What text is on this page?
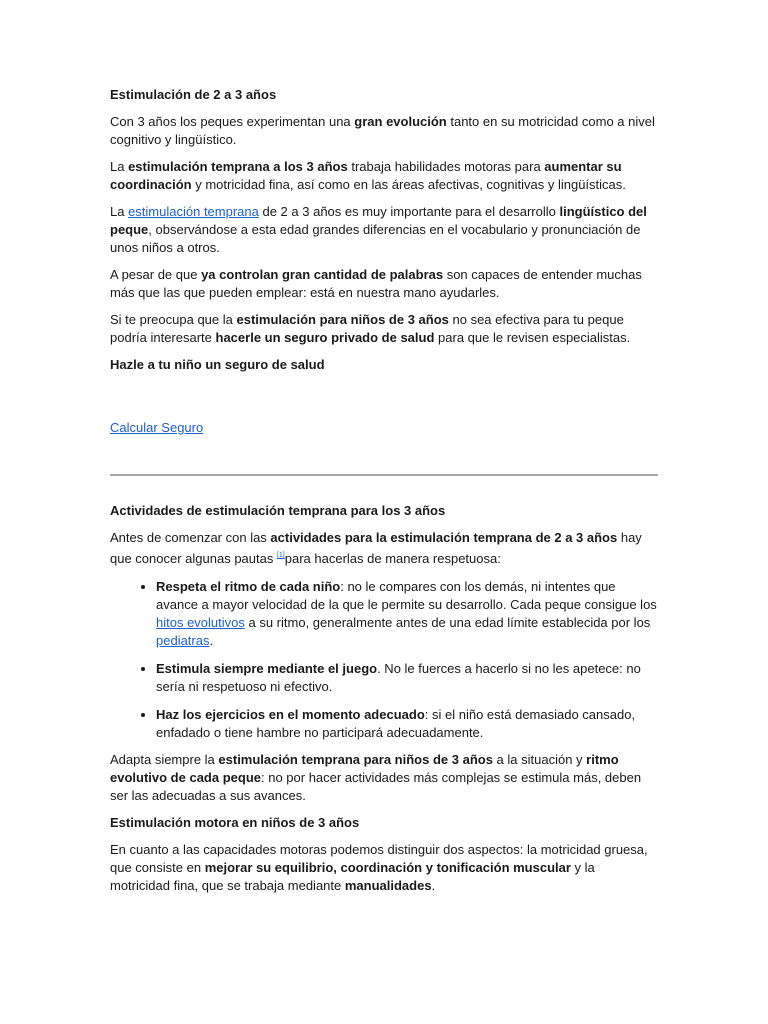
Estimulación de 2 a 3 años

Con 3 años los peques experimentan una gran evolución tanto en su motricidad como a nivel cognitivo y lingüístico.

La estimulación temprana a los 3 años trabaja habilidades motoras para aumentar su coordinación y motricidad fina, así como en las áreas afectivas, cognitivas y lingüísticas.

La estimulación temprana de 2 a 3 años es muy importante para el desarrollo lingüístico del peque, observándose a esta edad grandes diferencias en el vocabulario y pronunciación de unos niños a otros.

A pesar de que ya controlan gran cantidad de palabras son capaces de entender muchas más que las que pueden emplear: está en nuestra mano ayudarles.

Si te preocupa que la estimulación para niños de 3 años no sea efectiva para tu peque podría interesarte hacerle un seguro privado de salud para que le revisen especialistas.

Hazle a tu niño un seguro de salud

Calcular Seguro

Actividades de estimulación temprana para los 3 años

Antes de comenzar con las actividades para la estimulación temprana de 2 a 3 años hay que conocer algunas pautas [1]para hacerlas de manera respetuosa:

• Respeta el ritmo de cada niño: no le compares con los demás, ni intentes que avance a mayor velocidad de la que le permite su desarrollo. Cada peque consigue los hitos evolutivos a su ritmo, generalmente antes de una edad límite establecida por los pediatras.
• Estimula siempre mediante el juego. No le fuerces a hacerlo si no les apetece: no sería ni respetuoso ni efectivo.
• Haz los ejercicios en el momento adecuado: si el niño está demasiado cansado, enfadado o tiene hambre no participará adecuadamente.

Adapta siempre la estimulación temprana para niños de 3 años a la situación y ritmo evolutivo de cada peque: no por hacer actividades más complejas se estimula más, deben ser las adecuadas a sus avances.

Estimulación motora en niños de 3 años

En cuanto a las capacidades motoras podemos distinguir dos aspectos: la motricidad gruesa, que consiste en mejorar su equilibrio, coordinación y tonificación muscular y la motricidad fina, que se trabaja mediante manualidades.
